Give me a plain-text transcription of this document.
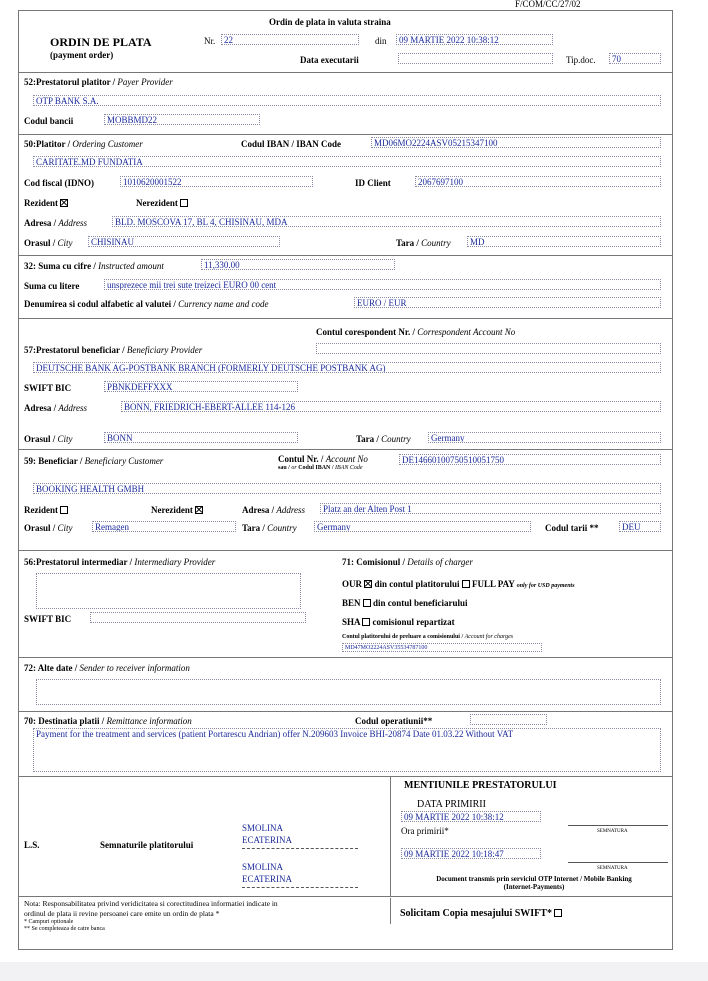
F/COM/CC/27/02
Ordin de plata in valuta straina
ORDIN DE PLATA
(payment order)
Nr. 22	din	09 MARTIE 2022 10:38:12
Data executarii	Tip.doc.	70
52:Prestatorul platitor / Payer Provider
OTP BANK S.A.
Codul bancii	MOBBMD22
50:Platitor / Ordering Customer	Codul IBAN / IBAN Code	MD06MO2224ASV05215347100
CARITATE.MD FUNDATIA
Cod fiscal (IDNO)	1010620001522	ID Client	2067697100
Rezident	Nerezident
Adresa / Address	BLD. MOSCOVA 17, BL 4, CHISINAU, MDA
Orasul / City	CHISINAU	Tara / Country	MD
32: Suma cu cifre / Instructed amount	11,330.00
Suma cu litere	unsprezece mii trei sute treizeci EURO 00 cent
Denumirea si codul alfabetic al valutei / Currency name and code	EURO / EUR
Contul corespondent Nr. / Correspondent Account No
57:Prestatorul beneficiar / Beneficiary Provider
DEUTSCHE BANK AG-POSTBANK BRANCH (FORMERLY DEUTSCHE POSTBANK AG)
SWIFT BIC	PBNKDEFFXXX
Adresa / Address	BONN, FRIEDRICH-EBERT-ALLEE 114-126
Orasul / City	BONN	Tara / Country	Germany
59: Beneficiar / Beneficiary Customer	Contul Nr. / Account No
sau / or Codul IBAN / IBAN Code
DE14660100750510051750
BOOKING HEALTH GMBH
Rezident	Nerezident	Adresa / Address	Platz an der Alten Post 1
Orasul / City	Remagen	Tara / Country	Germany	Codul tarii **	DEU
56:Prestatorul intermediar / Intermediary Provider
SWIFT BIC
71: Comisionul / Details of charger
OUR din contul platitorului FULL PAY only for USD payments
BEN din contul beneficiarului
SHA comisionul repartizat
Contul platitorului de preluare a comisionului / Account for charges
MD47MO2224ASV35534787100
72: Alte date / Sender to receiver information
70: Destinatia platii / Remittance information	Codul operatiunii**
Payment for the treatment and services (patient Portarescu Andrian) offer N.209603 Invoice BHI-20874 Date 01.03.22 Without VAT
L.S.	Semnaturile platitorului
SMOLINA
ECATERINA
SMOLINA
ECATERINA
MENTIUNILE PRESTATORULUI
DATA PRIMIRII
09 MARTIE 2022 10:38:12
Ora primirii*	SEMNATURA
09 MARTIE 2022 10:18:47
SEMNATURA
Document transmis prin serviciul OTP Internet / Mobile Banking
(Internet-Payments)
Nota: Responsabilitatea privind veridicitatea si corectitudinea informatiei indicate in
ordinul de plata ii revine persoanei care emite un ordin de plata *
* Campuri optionale
** Se completeaza de catre banca
Solicitam Copia mesajului SWIFT*
